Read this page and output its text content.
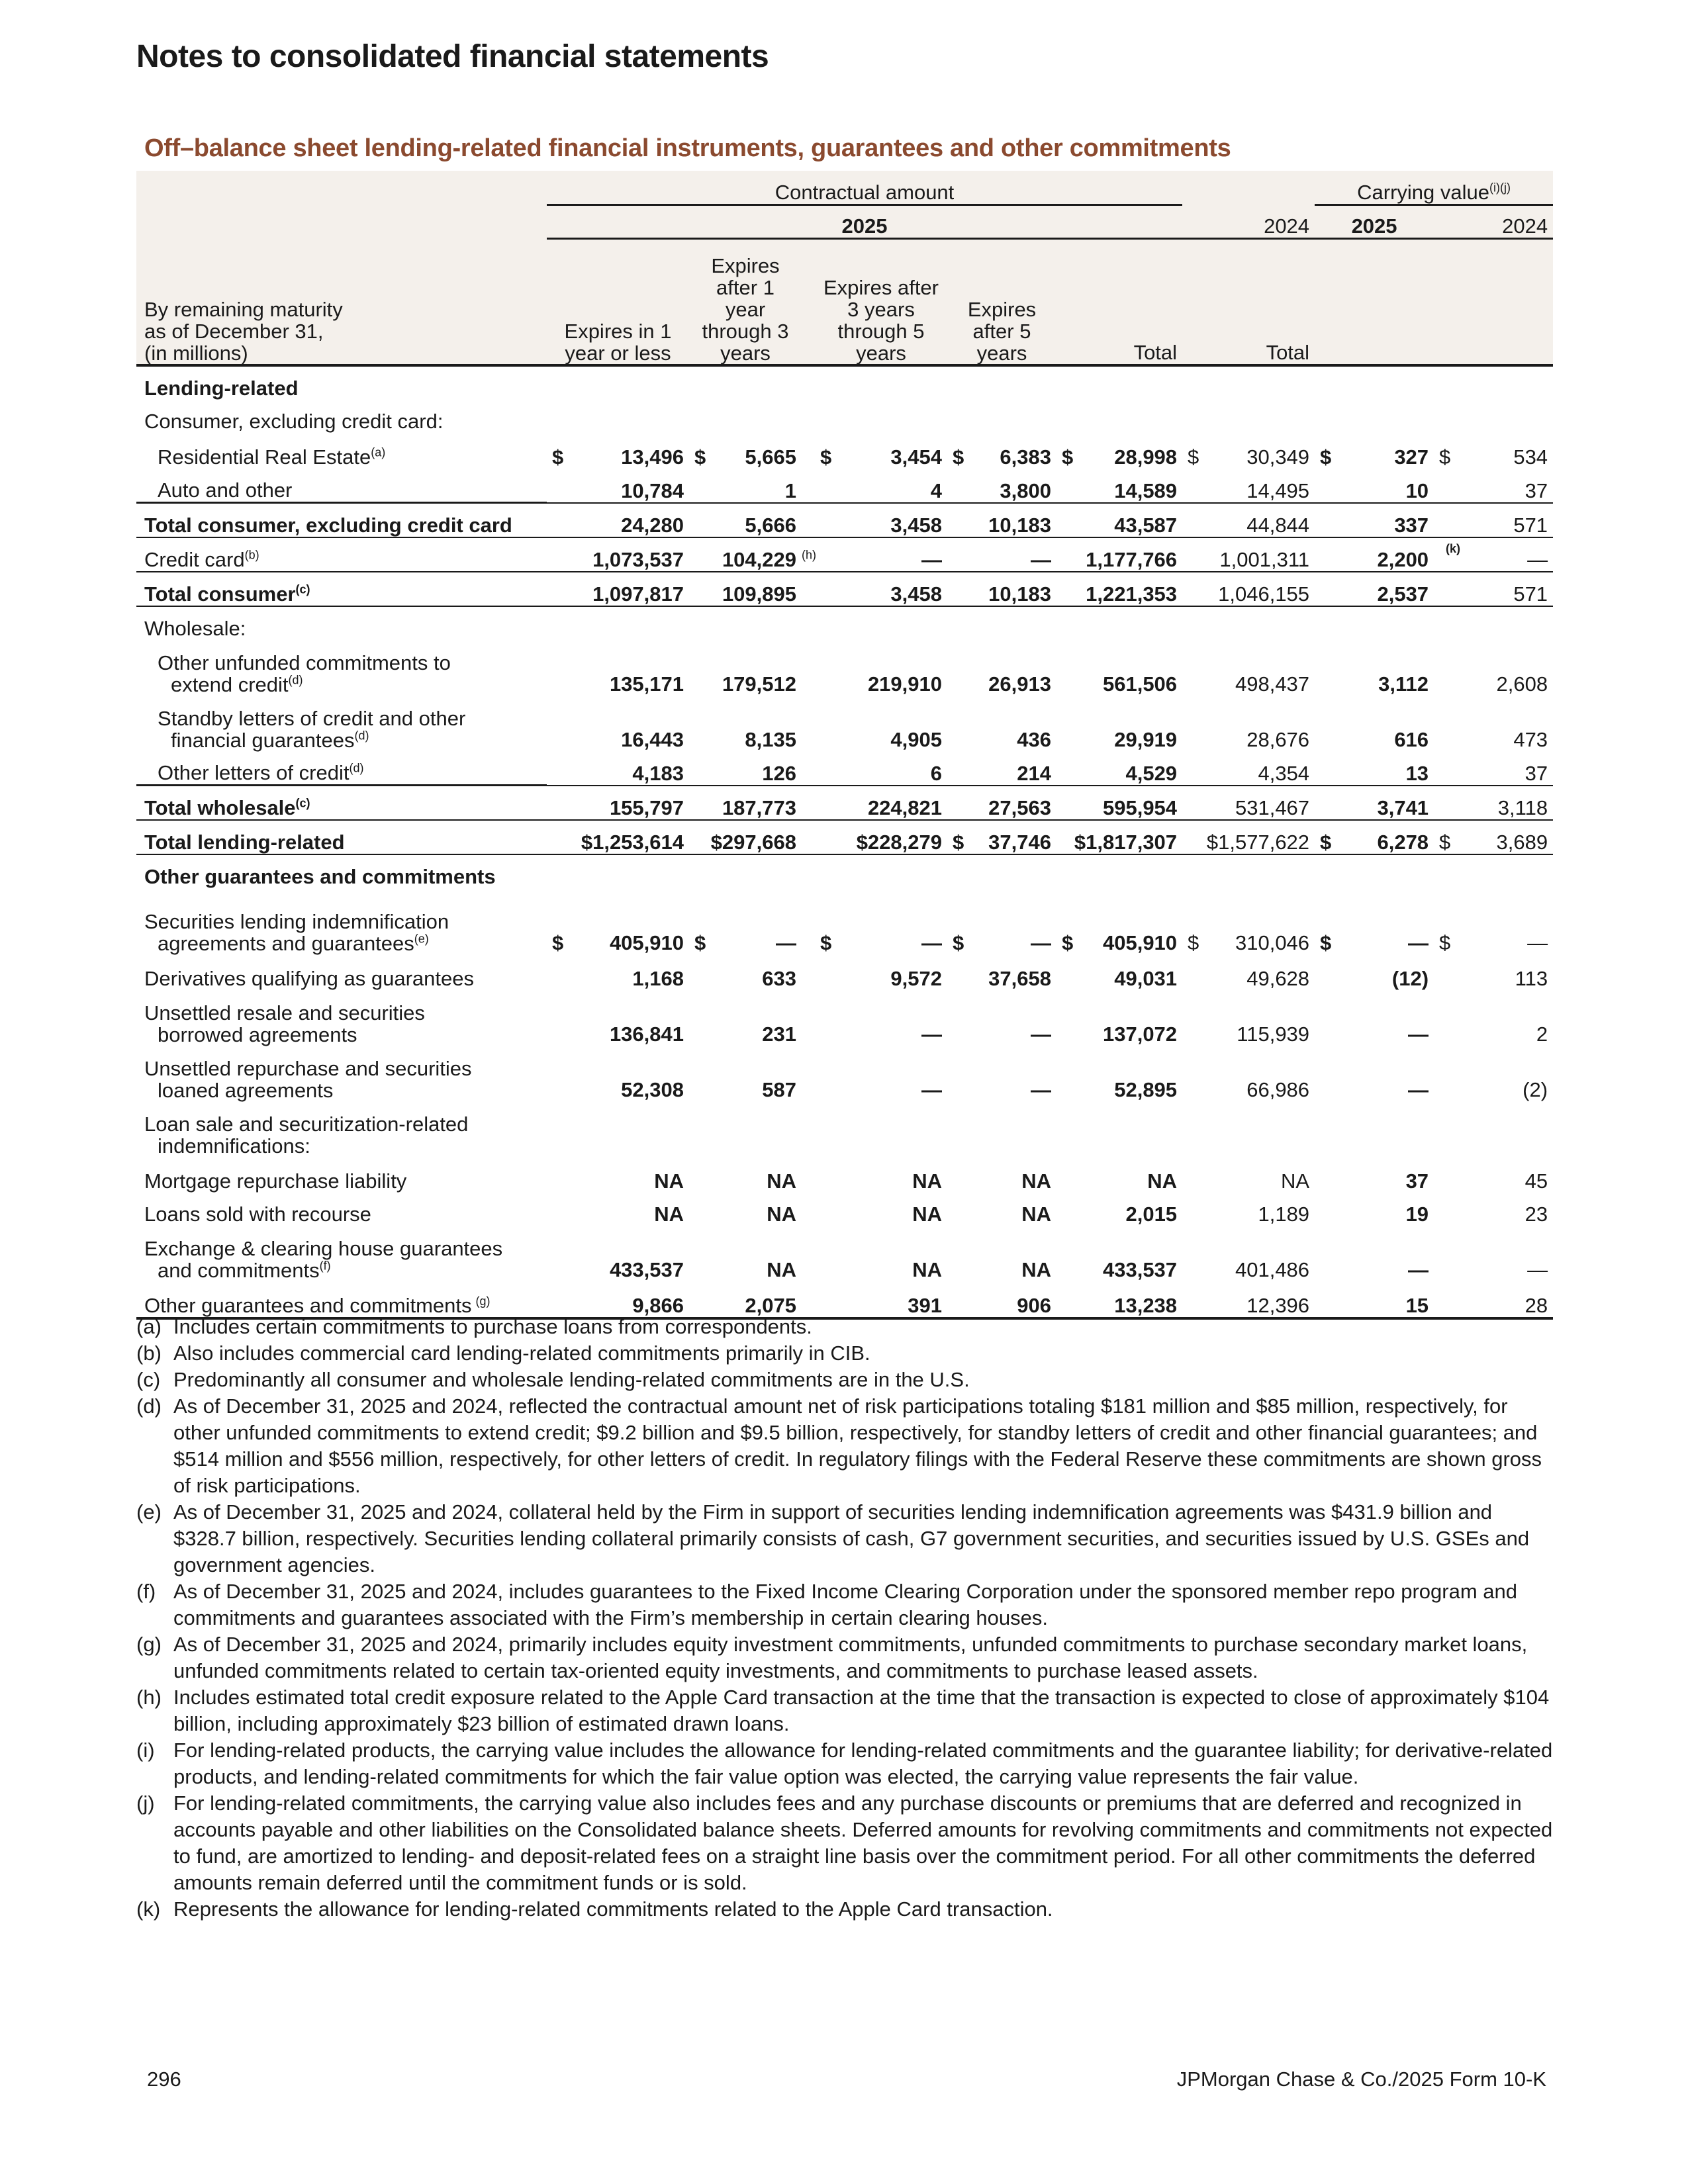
Notes to consolidated financial statements
Off–balance sheet lending-related financial instruments, guarantees and other commitments
	Contractual amount							Carrying value$^{(i)(j)}$
	2025						2024	2025	2024

By remaining maturity
as of December 31,
(in millions)	Expires in 1 year or less	Expires after 1 year through 3 years		Expires after 3 years through 5 years	Expires after 5 years	Total	Total		
Lending-related									
Consumer, excluding credit card:									
Residential Real Estate$^{(a)}$	$ 13,496	$ 5,665		$ 3,454	$ 6,383	$ 28,998	$ 30,349	$ 327	$ 534

Auto and other	10,784	1		4	3,800	14,589	14,495	10	37
Total consumer, excluding credit card	24,280	5,666		3,458	10,183	43,587	44,844	337	571
Credit card$^{(b)}$	1,073,537	104,229	$^{(h)}$	—	—	1,177,766	1,001,311	2,200 (k)	—
Total consumer$^{(c)}$	1,097,817	109,895		3,458	10,183	1,221,353	1,046,155	2,537	571
Wholesale:									

Other unfunded commitments to
extend credit$^{(d)}$	135,171	179,512		219,910	26,913	561,506	498,437	3,112	2,608

Standby letters of credit and other
financial guarantees$^{(d)}$	16,443	8,135		4,905	436	29,919	28,676	616	473
Other letters of credit$^{(d)}$	4,183	126		6	214	4,529	4,354	13	37
Total wholesale$^{(c)}$	155,797	187,773		224,821	27,563	595,954	531,467	3,741	3,118
Total lending-related	$1,253,614	$297,668		$228,279	$ 37,746	$1,817,307	$1,577,622	$ 6,278	$ 3,689

Other guarantees and commitments									

Securities lending indemnification
agreements and guarantees$^{(e)}$	$ 405,910	$ —		$ —	$ —	$ 405,910	$ 310,046	$ —	$ —

Derivatives qualifying as guarantees	1,168	633		9,572	37,658	49,031	49,628	(12)	113

Unsettled resale and securities
borrowed agreements	136,841	231		—	—	137,072	115,939	—	2

Unsettled repurchase and securities
loaned agreements	52,308	587		—	—	52,895	66,986	—	(2)

Loan sale and securitization-related
indemnifications:									

Mortgage repurchase liability	NA	NA		NA	NA	NA	NA	37	45
Loans sold with recourse	NA	NA		NA	NA	2,015	1,189	19	23

Exchange & clearing house guarantees
and commitments$^{(f)}$	433,537	NA		NA	NA	433,537	401,486	—	—
Other guarantees and commitments $^{(g)}$	9,866	2,075		391	906	13,238	12,396	15	28
(a) Includes certain commitments to purchase loans from correspondents.
(b) Also includes commercial card lending-related commitments primarily in CIB.
(c) Predominantly all consumer and wholesale lending-related commitments are in the U.S.
(d) As of December 31, 2025 and 2024, reflected the contractual amount net of risk participations totaling $181 million and $85 million, respectively, for other unfunded commitments to extend credit; $9.2 billion and $9.5 billion, respectively, for standby letters of credit and other financial guarantees; and $514 million and $556 million, respectively, for other letters of credit. In regulatory filings with the Federal Reserve these commitments are shown gross of risk participations.
(e) As of December 31, 2025 and 2024, collateral held by the Firm in support of securities lending indemnification agreements was $431.9 billion and $328.7 billion, respectively. Securities lending collateral primarily consists of cash, G7 government securities, and securities issued by U.S. GSEs and government agencies.
(f) As of December 31, 2025 and 2024, includes guarantees to the Fixed Income Clearing Corporation under the sponsored member repo program and commitments and guarantees associated with the Firm’s membership in certain clearing houses.
(g) As of December 31, 2025 and 2024, primarily includes equity investment commitments, unfunded commitments to purchase secondary market loans, unfunded commitments related to certain tax-oriented equity investments, and commitments to purchase leased assets.
(h) Includes estimated total credit exposure related to the Apple Card transaction at the time that the transaction is expected to close of approximately $104 billion, including approximately $23 billion of estimated drawn loans.
(i) For lending-related products, the carrying value includes the allowance for lending-related commitments and the guarantee liability; for derivative-related products, and lending-related commitments for which the fair value option was elected, the carrying value represents the fair value.
(j) For lending-related commitments, the carrying value also includes fees and any purchase discounts or premiums that are deferred and recognized in accounts payable and other liabilities on the Consolidated balance sheets. Deferred amounts for revolving commitments and commitments not expected to fund, are amortized to lending- and deposit-related fees on a straight line basis over the commitment period. For all other commitments the deferred amounts remain deferred until the commitment funds or is sold.
(k) Represents the allowance for lending-related commitments related to the Apple Card transaction.
296	JPMorgan Chase & Co./2025 Form 10-K
